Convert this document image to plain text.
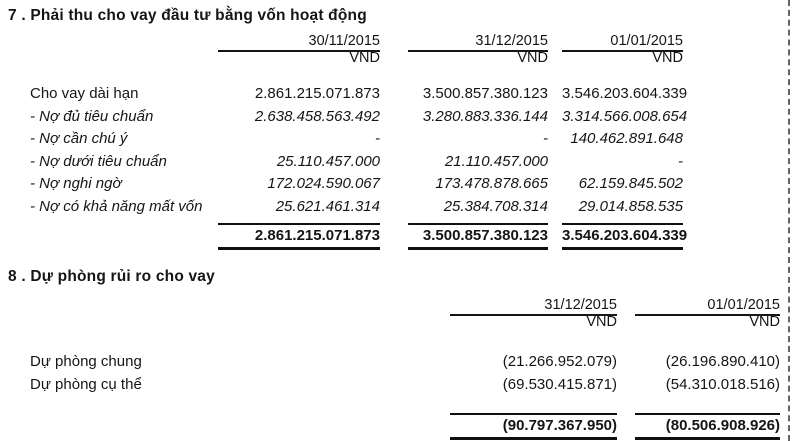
7 . Phải thu cho vay đầu tư bằng vốn hoạt động
30/11/2015	31/12/2015	01/01/2015
VND	VND	VND
Cho vay dài hạn	2.861.215.071.873	3.500.857.380.123 3.546.203.604.339
- Nợ đủ tiêu chuẩn	2.638.458.563.492	3.280.883.336.144 3.314.566.008.654
- Nợ cần chú ý	-	-	140.462.891.648
- Nợ dưới tiêu chuẩn	25.110.457.000	21.110.457.000	-
- Nợ nghi ngờ	172.024.590.067	173.478.878.665	62.159.845.502
- Nợ có khả năng mất vốn	25.621.461.314	25.384.708.314	29.014.858.535
2.861.215.071.873	3.500.857.380.123 3.546.203.604.339
8 . Dự phòng rủi ro cho vay
31/12/2015	01/01/2015
VND	VND
Dự phòng chung	(21.266.952.079)	(26.196.890.410)
Dự phòng cụ thể	(69.530.415.871)	(54.310.018.516)
(90.797.367.950)	(80.506.908.926)
